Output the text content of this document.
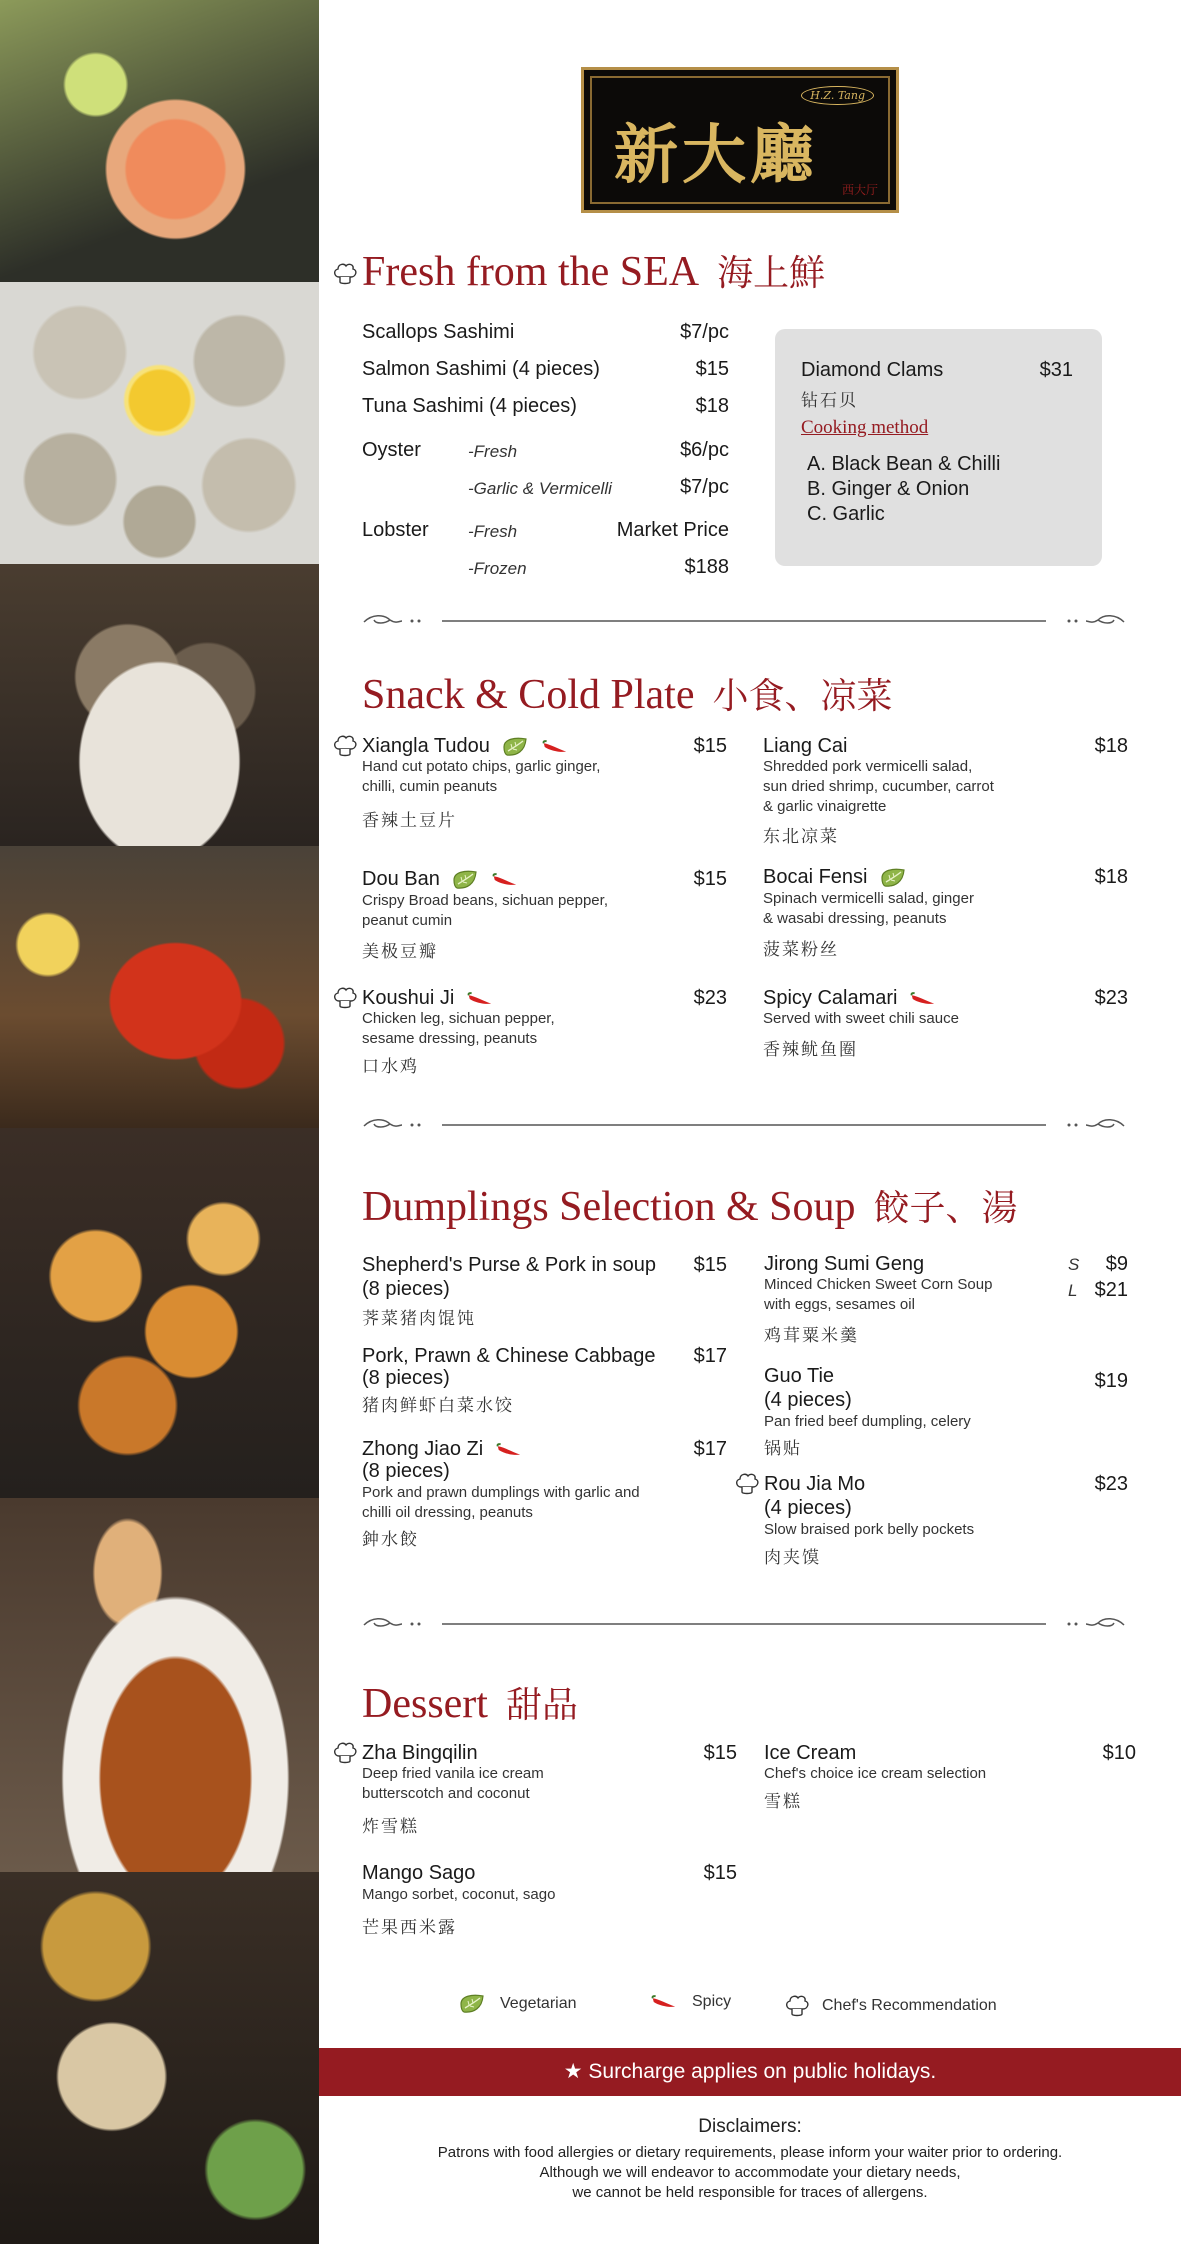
新大廳
H.Z. Tang
西大厅
Fresh from the SEA 海上鮮
Scallops Sashimi	$7/pc
Salmon Sashimi (4 pieces)	$15
Tuna Sashimi (4 pieces)	$18
Oyster	-Fresh	$6/pc
-Garlic & Vermicelli	$7/pc
Lobster -Fresh	Market Price
-Frozen	$188
Diamond Clams	$31
钻石贝
Cooking method
A. Black Bean & Chilli
B. Ginger & Onion
C. Garlic
Snack & Cold Plate 小食、凉菜
Xiangla Tudou	$15
Hand cut potato chips, garlic ginger,
chilli, cumin peanuts
香辣土豆片
Dou Ban	$15
Crispy Broad beans, sichuan pepper,
peanut cumin
美极豆瓣
Koushui Ji	$23
Chicken leg, sichuan pepper,
sesame dressing, peanuts
口水鸡
Liang Cai	$18
Shredded pork vermicelli salad,
sun dried shrimp, cucumber, carrot
& garlic vinaigrette
东北凉菜
Bocai Fensi	$18
Spinach vermicelli salad, ginger
& wasabi dressing, peanuts
菠菜粉丝
Spicy Calamari	$23
Served with sweet chili sauce
香辣鱿鱼圈
Dumplings Selection & Soup 餃子、湯
Shepherd's Purse & Pork in soup $15
(8 pieces)
荠菜猪肉馄饨
Pork, Prawn & Chinese Cabbage $17
(8 pieces)
猪肉鲜虾白菜水饺
Zhong Jiao Zi	$17
(8 pieces)
Pork and prawn dumplings with garlic and
chilli oil dressing, peanuts
鈡水餃
Jirong Sumi Geng	S $9
L $21
Minced Chicken Sweet Corn Soup
with eggs, sesames oil
鸡茸粟米羹
Guo Tie	$19
(4 pieces)
Pan fried beef dumpling, celery
锅贴
Rou Jia Mo	$23
(4 pieces)
Slow braised pork belly pockets
肉夹馍
Dessert 甜品
Zha Bingqilin	$15
Deep fried vanila ice cream
butterscotch and coconut
炸雪糕
Mango Sago	$15
Mango sorbet, coconut, sago
芒果西米露
Ice Cream	$10
Chef's choice ice cream selection
雪糕
Vegetarian	Spicy	Chef's Recommendation
★ Surcharge applies on public holidays.
Disclaimers:
Patrons with food allergies or dietary requirements, please inform your waiter prior to ordering.
Although we will endeavor to accommodate your dietary needs,
we cannot be held responsible for traces of allergens.
